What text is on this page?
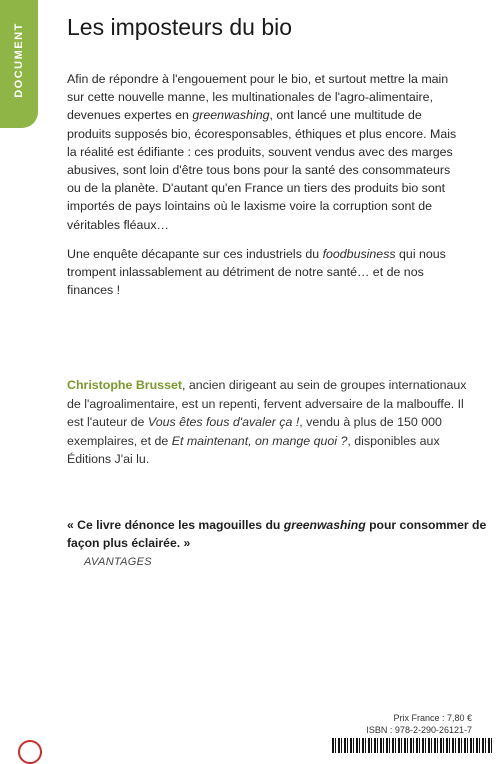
DOCUMENT Les imposteurs du bio

Afin de répondre à l'engouement pour le bio, et surtout mettre la main sur cette nouvelle manne, les multinationales de l'agro-alimentaire, devenues expertes en greenwashing, ont lancé une multitude de produits supposés bio, écoresponsables, éthiques et plus encore. Mais la réalité est édifiante : ces produits, souvent vendus avec des marges abusives, sont loin d'être tous bons pour la santé des consommateurs ou de la planète. D'autant qu'en France un tiers des produits bio sont importés de pays lointains où le laxisme voire la corruption sont de véritables fléaux…

Une enquête décapante sur ces industriels du foodbusiness qui nous trompent inlassablement au détriment de notre santé… et de nos finances !

Christophe Brusset, ancien dirigeant au sein de groupes internationaux de l'agroalimentaire, est un repenti, fervent adversaire de la malbouffe. Il est l'auteur de Vous êtes fous d'avaler ça !, vendu à plus de 150 000 exemplaires, et de Et maintenant, on mange quoi ?, disponibles aux Éditions J'ai lu.
« Ce livre dénonce les magouilles du greenwashing pour consommer de façon plus éclairée. »
AVANTAGES
Prix France : 7,80 €
ISBN : 978-2-290-26121-7
